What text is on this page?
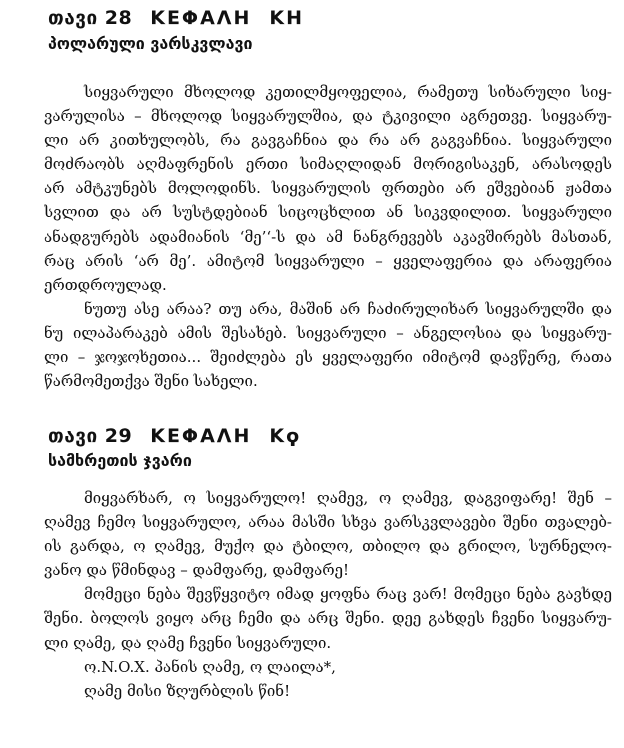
თავი 28 ΚΕΦΑΛΗ ΚΗ
პოლარული ვარსკვლავი
სიყვარული მხოლოდ კეთილმყოფელია, რამეთუ სიხარული სიყ-
ვარულისა – მხოლოდ სიყვარულშია, და ტკივილი აგრეთვე. სიყვარუ-
ლი არ კითხულობს, რა გავგაჩნია და რა არ გაგვაჩნია. სიყვარული
მოძრაობს აღმაფრენის ერთი სიმაღლიდან მორიგისაკენ, არასოდეს
არ ამტკუნებს მოლოდინს. სიყვარულის ფრთები არ ეშვებიან ჟამთა
სვლით და არ სუსტდებიან სიცოცხლით ან სიკვდილით. სიყვარული
ანადგურებს ადამიანის ‘მე’‘-ს და ამ ნანგრევებს აკავშირებს მასთან,
რაც არის ‘არ მე’. ამიტომ სიყვარული – ყველაფერია და არაფერია
ერთდროულად.
ნუთუ ასე არაა? თუ არა, მაშინ არ ჩაძირულიხარ სიყვარულში და
ნუ ილაპარაკებ ამის შესახებ. სიყვარული – ანგელოსია და სიყვარუ-
ლი – ჯოჯოხეთია... შეიძლება ეს ყველაფერი იმიტომ დავწერე, რათა
წარმომეთქვა შენი სახელი.
თავი 29 ΚΕΦΑΛΗ Κϙ
სამხრეთის ჯვარი
მიყვარხარ, ო სიყვარულო! ღამევ, ო ღამევ, დაგვიფარე! შენ –
ღამევ ჩემო სიყვარულო, არაა მასში სხვა ვარსკვლავები შენი თვალებ-
ის გარდა, ო ღამევ, მუქო და ტბილო, თბილო და გრილო, სურნელო-
ვანო და წმინდავ – დამფარე, დამფარე!
მომეცი ნება შევწყვიტო იმად ყოფნა რაც ვარ! მომეცი ნება გავხდე
შენი. ბოლოს ვიყო არც ჩემი და არც შენი. დეე გახდეს ჩვენი სიყვარუ-
ლი ღამე, და ღამე ჩვენი სიყვარული.
ო.N.O.X. პანის ღამე, ო ლაილა*,
ღამე მისი ზღურბლის წინ!
